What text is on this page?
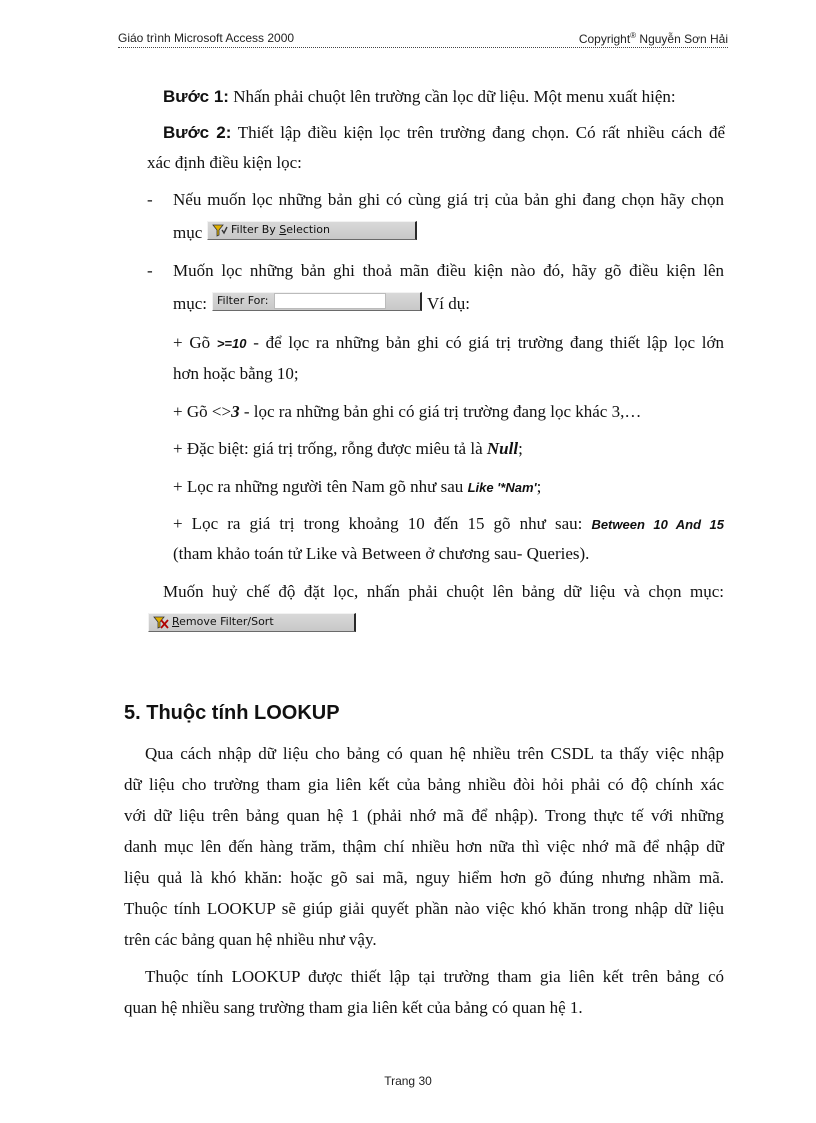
Giáo trình Microsoft Access 2000	Copyright® Nguyễn Sơn Hải
Bước 1: Nhấn phải chuột lên trường cần lọc dữ liệu. Một menu xuất hiện:
Bước 2: Thiết lập điều kiện lọc trên trường đang chọn. Có rất nhiều cách để
xác định điều kiện lọc:
-	Nếu muốn lọc những bản ghi có cùng giá trị của bản ghi đang chọn hãy chọn
mục	Filter By Selection
-	Muốn lọc những bản ghi thoả mãn điều kiện nào đó, hãy gõ điều kiện lên
mục: Filter For:	Ví dụ:
+ Gõ >=10 - để lọc ra những bản ghi có giá trị trường đang thiết lập lọc lớn
hơn hoặc bằng 10;
+ Gõ <>3 - lọc ra những bản ghi có giá trị trường đang lọc khác 3,…
+ Đặc biệt: giá trị trống, rỗng được miêu tả là Null;
+ Lọc ra những người tên Nam gõ như sau Like '*Nam';
+ Lọc ra giá trị trong khoảng 10 đến 15 gõ như sau: Between 10 And 15
(tham khảo toán tử Like và Between ở chương sau- Queries).
Muốn huỷ chế độ đặt lọc, nhấn phải chuột lên bảng dữ liệu và chọn mục:
Remove Filter/Sort
5. Thuộc tính LOOKUP
Qua cách nhập dữ liệu cho bảng có quan hệ nhiều trên CSDL ta thấy việc nhập
dữ liệu cho trường tham gia liên kết của bảng nhiều đòi hỏi phải có độ chính xác
với dữ liệu trên bảng quan hệ 1 (phải nhớ mã để nhập). Trong thực tế với những
danh mục lên đến hàng trăm, thậm chí nhiều hơn nữa thì việc nhớ mã để nhập dữ
liệu quả là khó khăn: hoặc gõ sai mã, nguy hiểm hơn gõ đúng nhưng nhầm mã.
Thuộc tính LOOKUP sẽ giúp giải quyết phần nào việc khó khăn trong nhập dữ liệu
trên các bảng quan hệ nhiều như vậy.
Thuộc tính LOOKUP được thiết lập tại trường tham gia liên kết trên bảng có
quan hệ nhiều sang trường tham gia liên kết của bảng có quan hệ 1.
Trang 30
